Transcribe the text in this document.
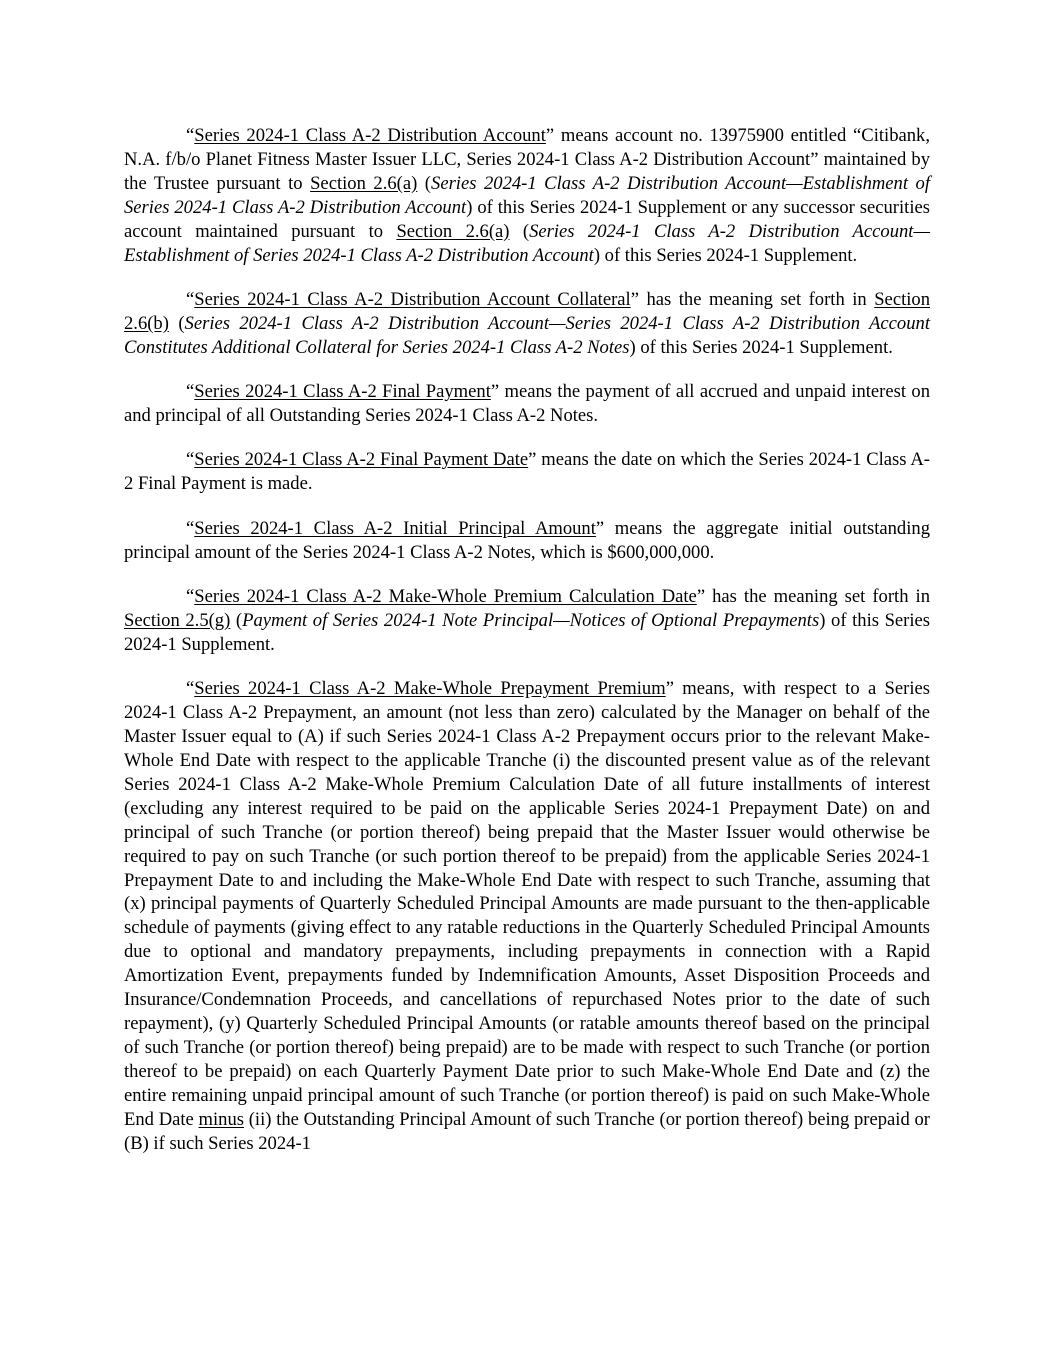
“Series 2024-1 Class A-2 Distribution Account” means account no. 13975900 entitled “Citibank, N.A. f/b/o Planet Fitness Master Issuer LLC, Series 2024-1 Class A-2 Distribution Account” maintained by the Trustee pursuant to Section 2.6(a) (Series 2024-1 Class A-2 Distribution Account—Establishment of Series 2024-1 Class A-2 Distribution Account) of this Series 2024-1 Supplement or any successor securities account maintained pursuant to Section 2.6(a) (Series 2024-1 Class A-2 Distribution Account—Establishment of Series 2024-1 Class A-2 Distribution Account) of this Series 2024-1 Supplement.

“Series 2024-1 Class A-2 Distribution Account Collateral” has the meaning set forth in Section 2.6(b) (Series 2024-1 Class A-2 Distribution Account—Series 2024-1 Class A-2 Distribution Account Constitutes Additional Collateral for Series 2024-1 Class A-2 Notes) of this Series 2024-1 Supplement.

“Series 2024-1 Class A-2 Final Payment” means the payment of all accrued and unpaid interest on and principal of all Outstanding Series 2024-1 Class A-2 Notes.

“Series 2024-1 Class A-2 Final Payment Date” means the date on which the Series 2024-1 Class A-2 Final Payment is made.

“Series 2024-1 Class A-2 Initial Principal Amount” means the aggregate initial outstanding principal amount of the Series 2024-1 Class A-2 Notes, which is $600,000,000.

“Series 2024-1 Class A-2 Make-Whole Premium Calculation Date” has the meaning set forth in Section 2.5(g) (Payment of Series 2024-1 Note Principal—Notices of Optional Prepayments) of this Series 2024-1 Supplement.

“Series 2024-1 Class A-2 Make-Whole Prepayment Premium” means, with respect to a Series 2024-1 Class A-2 Prepayment, an amount (not less than zero) calculated by the Manager on behalf of the Master Issuer equal to (A) if such Series 2024-1 Class A-2 Prepayment occurs prior to the relevant Make-Whole End Date with respect to the applicable Tranche (i) the discounted present value as of the relevant Series 2024-1 Class A-2 Make-Whole Premium Calculation Date of all future installments of interest (excluding any interest required to be paid on the applicable Series 2024-1 Prepayment Date) on and principal of such Tranche (or portion thereof) being prepaid that the Master Issuer would otherwise be required to pay on such Tranche (or such portion thereof to be prepaid) from the applicable Series 2024-1 Prepayment Date to and including the Make-Whole End Date with respect to such Tranche, assuming that (x) principal payments of Quarterly Scheduled Principal Amounts are made pursuant to the then-applicable schedule of payments (giving effect to any ratable reductions in the Quarterly Scheduled Principal Amounts due to optional and mandatory prepayments, including prepayments in connection with a Rapid Amortization Event, prepayments funded by Indemnification Amounts, Asset Disposition Proceeds and Insurance/Condemnation Proceeds, and cancellations of repurchased Notes prior to the date of such repayment), (y) Quarterly Scheduled Principal Amounts (or ratable amounts thereof based on the principal of such Tranche (or portion thereof) being prepaid) are to be made with respect to such Tranche (or portion thereof to be prepaid) on each Quarterly Payment Date prior to such Make-Whole End Date and (z) the entire remaining unpaid principal amount of such Tranche (or portion thereof) is paid on such Make-Whole End Date minus (ii) the Outstanding Principal Amount of such Tranche (or portion thereof) being prepaid or (B) if such Series 2024-1
